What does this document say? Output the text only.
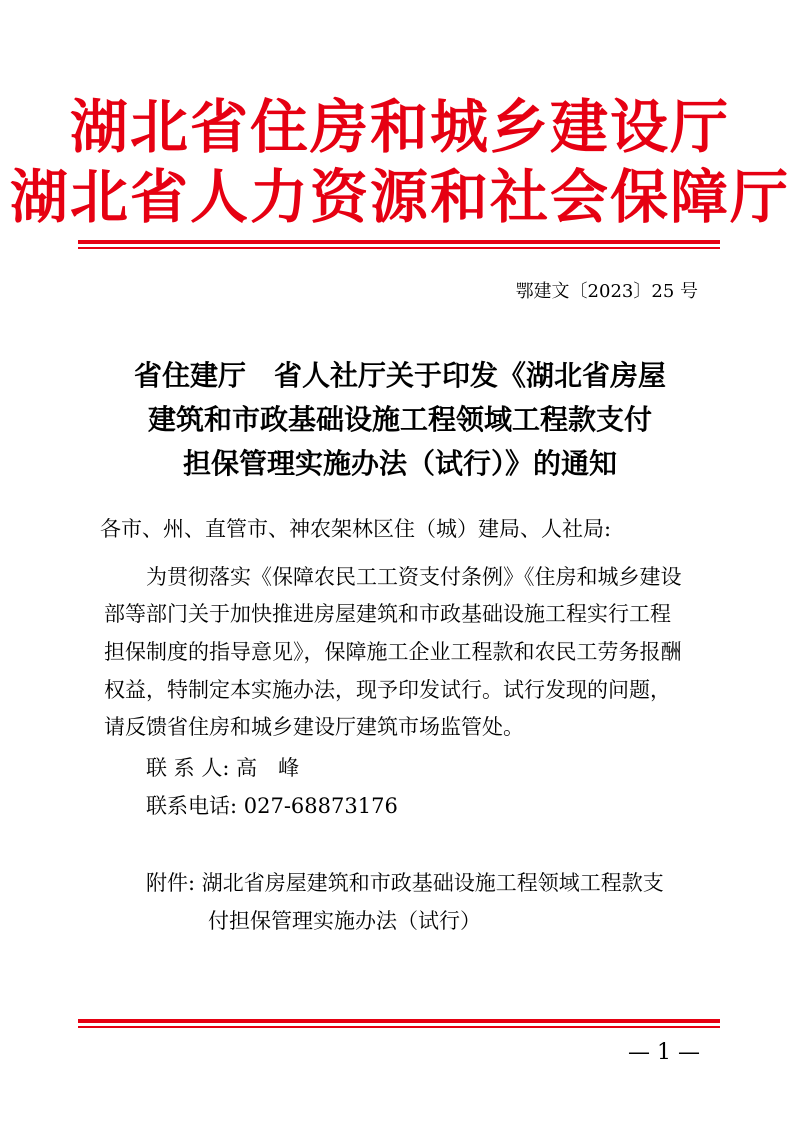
湖北省住房和城乡建设厅
湖北省人力资源和社会保障厅
鄂建文〔2023〕25 号
省住建厅　省人社厅关于印发《湖北省房屋
建筑和市政基础设施工程领域工程款支付
担保管理实施办法（试行）》的通知
各市、州、直管市、神农架林区住（城）建局、人社局:
为贯彻落实《保障农民工工资支付条例》《住房和城乡建设
部等部门关于加快推进房屋建筑和市政基础设施工程实行工程
担保制度的指导意见》，保障施工企业工程款和农民工劳务报酬
权益，特制定本实施办法，现予印发试行。试行发现的问题，
请反馈省住房和城乡建设厅建筑市场监管处。
联 系 人: 高　峰
联系电话: 027-68873176
附件: 湖北省房屋建筑和市政基础设施工程领域工程款支
付担保管理实施办法（试行）
— 1 —
